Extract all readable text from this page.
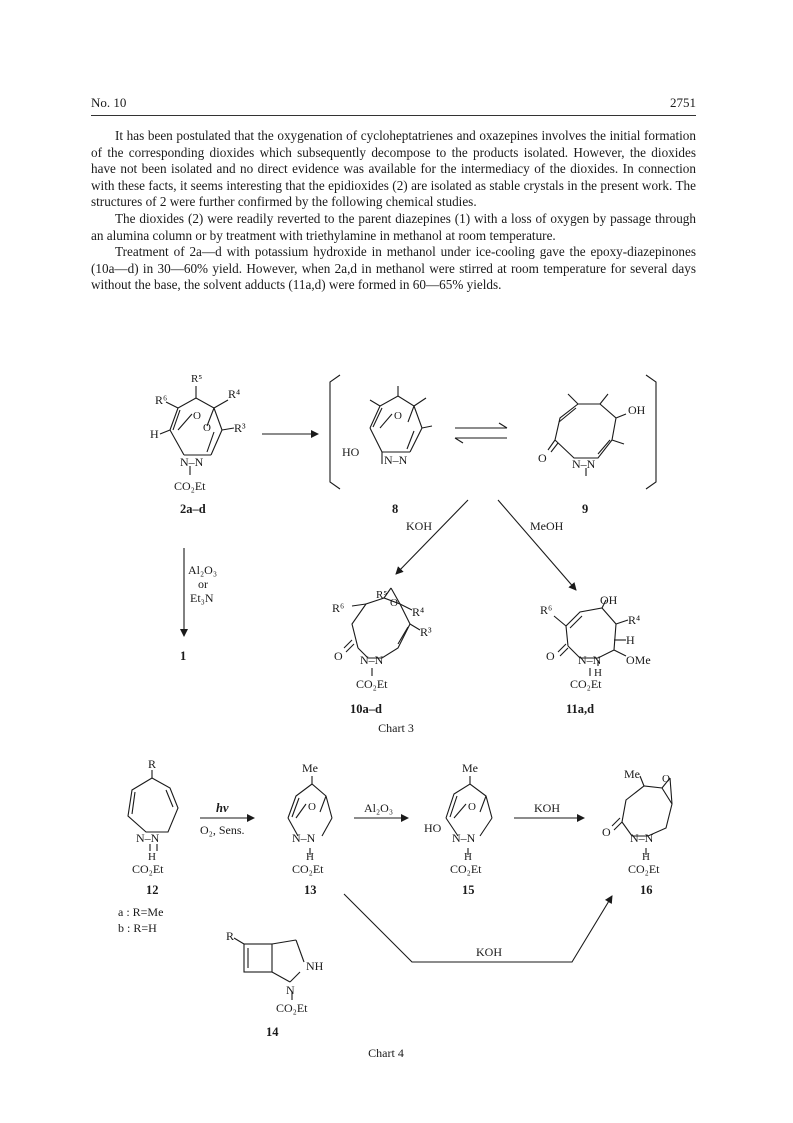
No. 10	2751

It has been postulated that the oxygenation of cycloheptatrienes and oxazepines involves the initial formation of the corresponding dioxides which subsequently decompose to the products isolated. However, the dioxides have not been isolated and no direct evidence was available for the intermediacy of the dioxides. In connection with these facts, it seems interesting that the epidioxides (2) are isolated as stable crystals in the present work. The structures of 2 were further confirmed by the following chemical studies.

The dioxides (2) were readily reverted to the parent diazepines (1) with a loss of oxygen by passage through an alumina column or by treatment with triethylamine in methanol at room temperature.

Treatment of 2a—d with potassium hydroxide in methanol under ice-cooling gave the epoxy-diazepinones (10a—d) in 30—60% yield. However, when 2a,d in methanol were stirred at room temperature for several days without the base, the solvent adducts (11a,d) were formed in 60—65% yields.

R⁵
R⁶	R⁴
R³
H
O
O
N–N
CO₂Et
2a–d
HO
O
N–N
8
OH
O N–N
9
KOH	MeOH
Al₂O₃
or
Et₃N
1
R⁵
O
R⁶	R⁴
R³
O N–N
CO₂Et
10a–d
R⁶
OH
R⁴
H
OMe
O N–N
H
CO₂Et
11a,d
R
N–N
H
CO₂Et
12
a : R=Me
b : R=H
hν
O₂, Sens.
Me
O
N–N
H
CO₂Et
13
Al₂O₃
Me
O
HO
N–N
H
CO₂Et
15
KOH
Me O
O N–N
H
CO₂Et
16
KOH
R
NH
N
CO₂Et
14
Chart 3
Chart 4
